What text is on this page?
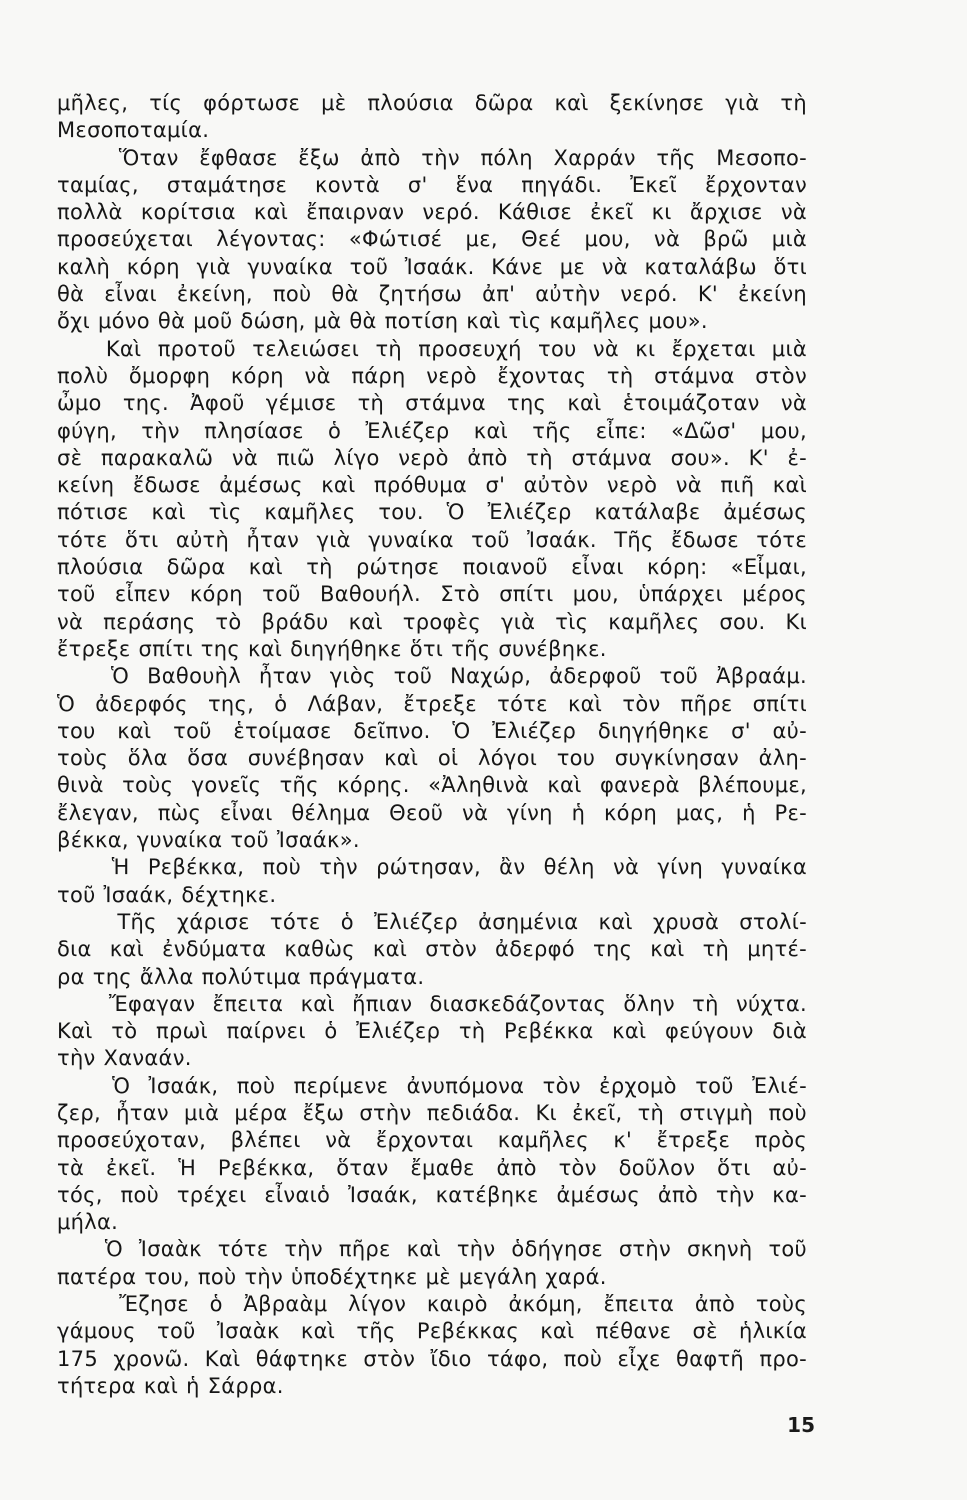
μῆλες, τίς φόρτωσε μὲ πλούσια δῶρα καὶ ξεκίνησε γιὰ τὴ
Μεσοποταμία.
Ὅταν ἔφθασε ἔξω ἀπὸ τὴν πόλη Χαρράν τῆς Μεσοπο-
ταμίας, σταμάτησε κοντὰ σ' ἕνα πηγάδι. Ἐκεῖ ἔρχονταν
πολλὰ κορίτσια καὶ ἔπαιρναν νερό. Κάθισε ἐκεῖ κι ἄρχισε νὰ
προσεύχεται λέγοντας: «Φώτισέ με, Θεέ μου, νὰ βρῶ μιὰ
καλὴ κόρη γιὰ γυναίκα τοῦ Ἰσαάκ. Κάνε με νὰ καταλάβω ὅτι
θὰ εἶναι ἐκείνη, ποὺ θὰ ζητήσω ἀπ' αὐτὴν νερό. Κ' ἐκείνη
ὄχι μόνο θὰ μοῦ δώση, μὰ θὰ ποτίση καὶ τὶς καμῆλες μου».
Καὶ προτοῦ τελειώσει τὴ προσευχή του νὰ κι ἔρχεται μιὰ
πολὺ ὄμορφη κόρη νὰ πάρη νερὸ ἔχοντας τὴ στάμνα στὸν
ὦμο της. Ἀφοῦ γέμισε τὴ στάμνα της καὶ ἑτοιμάζοταν νὰ
φύγη, τὴν πλησίασε ὁ Ἐλιέζερ καὶ τῆς εἶπε: «Δῶσ' μου,
σὲ παρακαλῶ νὰ πιῶ λίγο νερὸ ἀπὸ τὴ στάμνα σου». Κ' ἐ-
κείνη ἔδωσε ἀμέσως καὶ πρόθυμα σ' αὐτὸν νερὸ νὰ πιῆ καὶ
πότισε καὶ τὶς καμῆλες του. Ὁ Ἐλιέζερ κατάλαβε ἀμέσως
τότε ὅτι αὐτὴ ἦταν γιὰ γυναίκα τοῦ Ἰσαάκ. Τῆς ἔδωσε τότε
πλούσια δῶρα καὶ τὴ ρώτησε ποιανοῦ εἶναι κόρη: «Εἶμαι,
τοῦ εἶπεν κόρη τοῦ Βαθουήλ. Στὸ σπίτι μου, ὑπάρχει μέρος
νὰ περάσης τὸ βράδυ καὶ τροφὲς γιὰ τὶς καμῆλες σου. Κι
ἔτρεξε σπίτι της καὶ διηγήθηκε ὅτι τῆς συνέβηκε.
Ὁ Βαθουὴλ ἦταν γιὸς τοῦ Ναχώρ, ἀδερφοῦ τοῦ Ἀβραάμ.
Ὁ ἀδερφός της, ὁ Λάβαν, ἔτρεξε τότε καὶ τὸν πῆρε σπίτι
του καὶ τοῦ ἑτοίμασε δεῖπνο. Ὁ Ἐλιέζερ διηγήθηκε σ' αὐ-
τοὺς ὅλα ὅσα συνέβησαν καὶ οἱ λόγοι του συγκίνησαν ἀλη-
θινὰ τοὺς γονεῖς τῆς κόρης. «Ἀληθινὰ καὶ φανερὰ βλέπουμε,
ἔλεγαν, πὼς εἶναι θέλημα Θεοῦ νὰ γίνη ἡ κόρη μας, ἡ Ρε-
βέκκα, γυναίκα τοῦ Ἰσαάκ».
Ἡ Ρεβέκκα, ποὺ τὴν ρώτησαν, ἂν θέλη νὰ γίνη γυναίκα
τοῦ Ἰσαάκ, δέχτηκε.
Τῆς χάρισε τότε ὁ Ἐλιέζερ ἀσημένια καὶ χρυσὰ στολί-
δια καὶ ἐνδύματα καθὼς καὶ στὸν ἀδερφό της καὶ τὴ μητέ-
ρα της ἄλλα πολύτιμα πράγματα.
Ἔφαγαν ἔπειτα καὶ ἤπιαν διασκεδάζοντας ὅλην τὴ νύχτα.
Καὶ τὸ πρωὶ παίρνει ὁ Ἐλιέζερ τὴ Ρεβέκκα καὶ φεύγουν διὰ
τὴν Χαναάν.
Ὁ Ἰσαάκ, ποὺ περίμενε ἀνυπόμονα τὸν ἐρχομὸ τοῦ Ἐλιέ-
ζερ, ἦταν μιὰ μέρα ἔξω στὴν πεδιάδα. Κι ἐκεῖ, τὴ στιγμὴ ποὺ
προσεύχοταν, βλέπει νὰ ἔρχονται καμῆλες κ' ἔτρεξε πρὸς
τὰ ἐκεῖ. Ἡ Ρεβέκκα, ὅταν ἔμαθε ἀπὸ τὸν δοῦλον ὅτι αὐ-
τός, ποὺ τρέχει εἶναιὁ Ἰσαάκ, κατέβηκε ἀμέσως ἀπὸ τὴν κα-
μήλα.
Ὁ Ἰσαὰκ τότε τὴν πῆρε καὶ τὴν ὁδήγησε στὴν σκηνὴ τοῦ
πατέρα του, ποὺ τὴν ὑποδέχτηκε μὲ μεγάλη χαρά.
Ἔζησε ὁ Ἀβραὰμ λίγον καιρὸ ἀκόμη, ἔπειτα ἀπὸ τοὺς
γάμους τοῦ Ἰσαὰκ καὶ τῆς Ρεβέκκας καὶ πέθανε σὲ ἡλικία
175 χρονῶ. Καὶ θάφτηκε στὸν ἴδιο τάφο, ποὺ εἶχε θαφτῆ προ-
τήτερα καὶ ἡ Σάρρα.
15
